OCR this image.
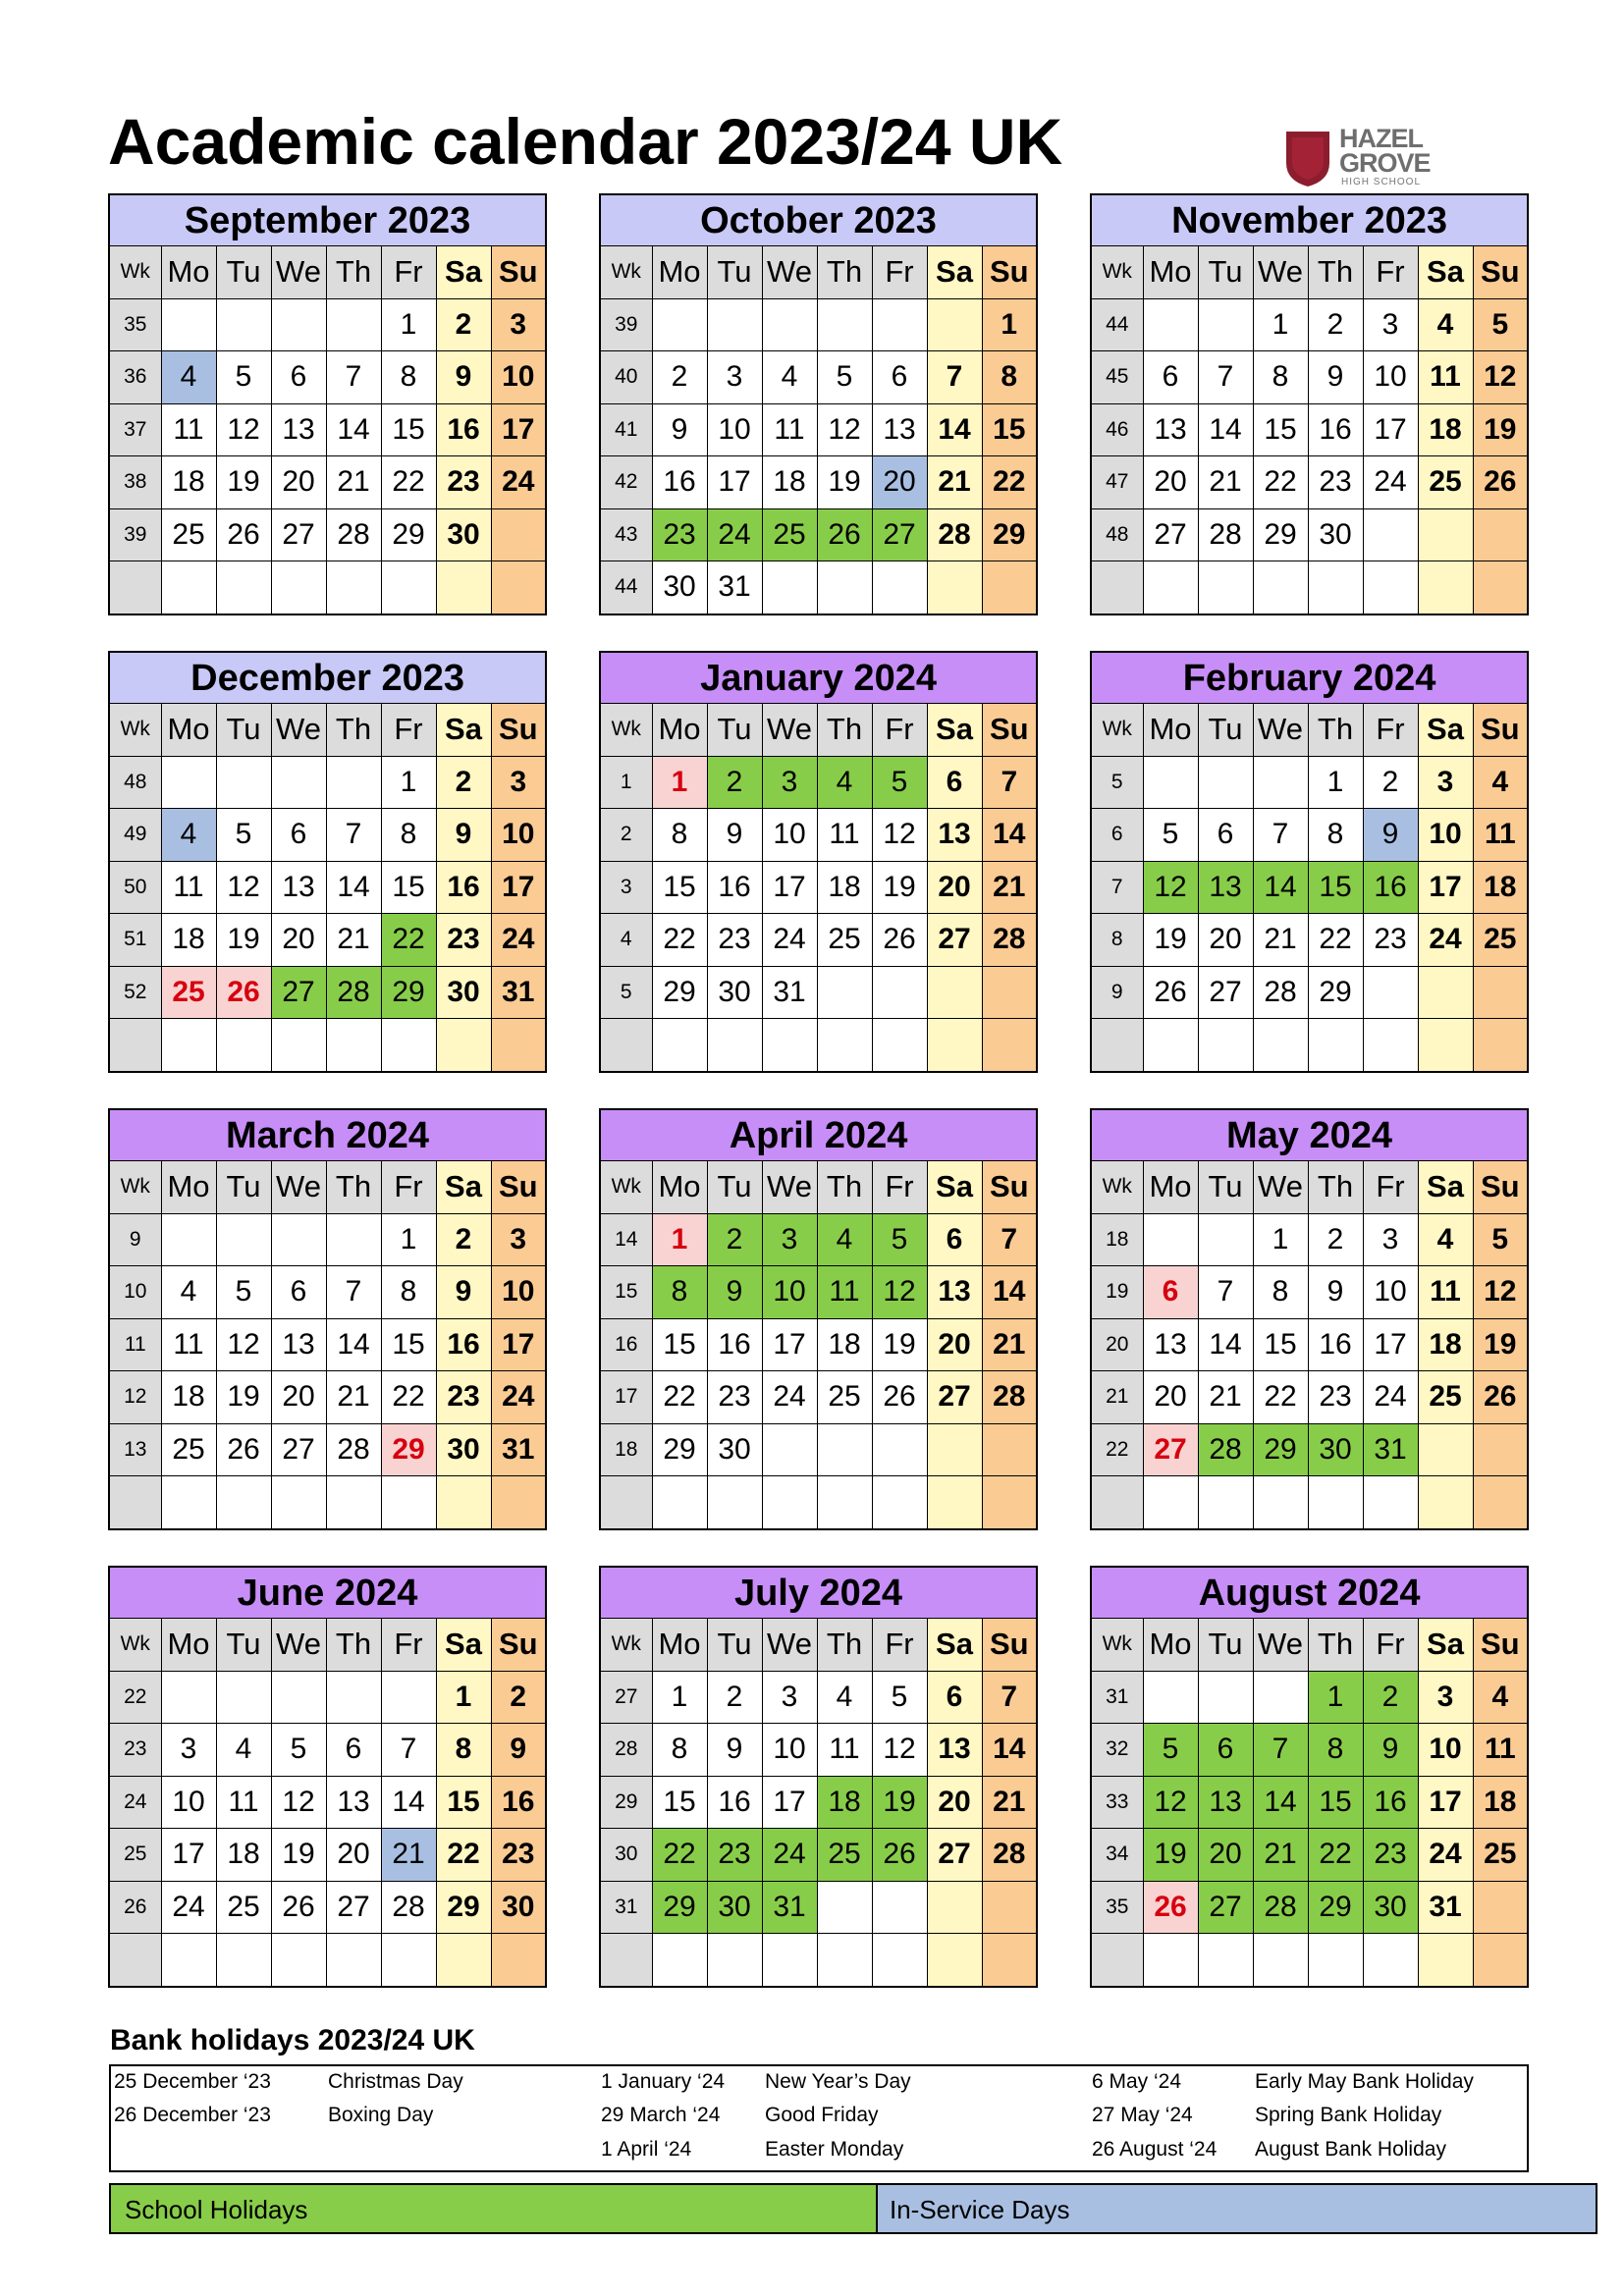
Academic calendar 2023/24 UK	HAZEL
GROVE
HIGH SCHOOL
September 2023							
Wk	Mo	Tu	We	Th	Fr	Sa	Su
35					1	2	3
36	4	5	6	7	8	9	10
37	11	12	13	14	15	16	17
38	18	19	20	21	22	23	24
39	25	26	27	28	29	30	

October 2023							
Wk	Mo	Tu	We	Th	Fr	Sa	Su
39							1
40	2	3	4	5	6	7	8
41	9	10	11	12	13	14	15
42	16	17	18	19	20	21	22
43	23	24	25	26	27	28	29
44	30	31					
November 2023							
Wk	Mo	Tu	We	Th	Fr	Sa	Su
44			1	2	3	4	5
45	6	7	8	9	10	11	12
46	13	14	15	16	17	18	19
47	20	21	22	23	24	25	26
48	27	28	29	30			

December 2023							
Wk	Mo	Tu	We	Th	Fr	Sa	Su
48					1	2	3
49	4	5	6	7	8	9	10
50	11	12	13	14	15	16	17
51	18	19	20	21	22	23	24
52	25	26	27	28	29	30	31

January 2024							
Wk	Mo	Tu	We	Th	Fr	Sa	Su
1	1	2	3	4	5	6	7
2	8	9	10	11	12	13	14
3	15	16	17	18	19	20	21
4	22	23	24	25	26	27	28
5	29	30	31				

February 2024							
Wk	Mo	Tu	We	Th	Fr	Sa	Su
5				1	2	3	4
6	5	6	7	8	9	10	11
7	12	13	14	15	16	17	18
8	19	20	21	22	23	24	25
9	26	27	28	29			

March 2024							
Wk	Mo	Tu	We	Th	Fr	Sa	Su
9					1	2	3
10	4	5	6	7	8	9	10
11	11	12	13	14	15	16	17
12	18	19	20	21	22	23	24
13	25	26	27	28	29	30	31

April 2024							
Wk	Mo	Tu	We	Th	Fr	Sa	Su
14	1	2	3	4	5	6	7
15	8	9	10	11	12	13	14
16	15	16	17	18	19	20	21
17	22	23	24	25	26	27	28
18	29	30					

May 2024							
Wk	Mo	Tu	We	Th	Fr	Sa	Su
18			1	2	3	4	5
19	6	7	8	9	10	11	12
20	13	14	15	16	17	18	19
21	20	21	22	23	24	25	26
22	27	28	29	30	31		

June 2024							
Wk	Mo	Tu	We	Th	Fr	Sa	Su
22						1	2
23	3	4	5	6	7	8	9
24	10	11	12	13	14	15	16
25	17	18	19	20	21	22	23
26	24	25	26	27	28	29	30

July 2024							
Wk	Mo	Tu	We	Th	Fr	Sa	Su
27	1	2	3	4	5	6	7
28	8	9	10	11	12	13	14
29	15	16	17	18	19	20	21
30	22	23	24	25	26	27	28
31	29	30	31				

August 2024							
Wk	Mo	Tu	We	Th	Fr	Sa	Su
31				1	2	3	4
32	5	6	7	8	9	10	11
33	12	13	14	15	16	17	18
34	19	20	21	22	23	24	25
35	26	27	28	29	30	31	

Bank holidays 2023/24 UK
25 December ‘23	Christmas Day
26 December ‘23	Boxing Day
1 January ‘24 New Year’s Day
29 March ‘24 Good Friday
1 April ‘24	Easter Monday
6 May ‘24	Early May Bank Holiday
27 May ‘24	Spring Bank Holiday
26 August ‘24 August Bank Holiday
School Holidays	In-Service Days
